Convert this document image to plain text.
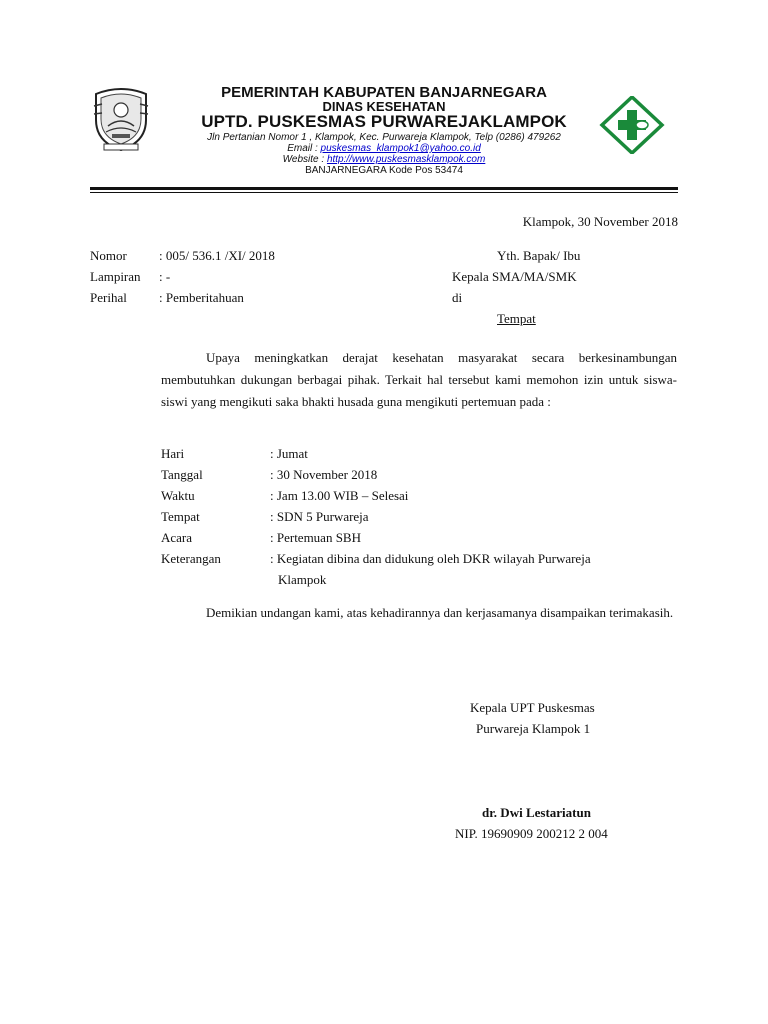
PEMERINTAH KABUPATEN BANJARNEGARA
DINAS KESEHATAN
UPTD. PUSKESMAS PURWAREJAKLAMPOK
Jln Pertanian Nomor 1 , Klampok, Kec. Purwareja Klampok, Telp (0286) 479262
Email : puskesmas_klampok1@yahoo.co.id
Website : http://www.puskesmasklampok.com
BANJARNEGARA Kode Pos 53474
Klampok, 30 November 2018
Nomor : 005/ 536.1 /XI/ 2018
Lampiran : -
Perihal : Pemberitahuan
Yth. Bapak/ Ibu
Kepala SMA/MA/SMK
di
Tempat
Upaya meningkatkan derajat kesehatan masyarakat secara berkesinambungan membutuhkan dukungan berbagai pihak. Terkait hal tersebut kami memohon izin untuk siswa-siswi yang mengikuti saka bhakti husada guna mengikuti pertemuan pada :
Hari	: Jumat
Tanggal	: 30 November 2018
Waktu	: Jam 13.00 WIB – Selesai
Tempat	: SDN 5 Purwareja
Acara	: Pertemuan SBH
Keterangan	: Kegiatan dibina dan didukung oleh DKR wilayah Purwareja
Klampok
Demikian undangan kami, atas kehadirannya dan kerjasamanya disampaikan terimakasih.
Kepala UPT Puskesmas
Purwareja Klampok 1
dr. Dwi Lestariatun
NIP. 19690909 200212 2 004
